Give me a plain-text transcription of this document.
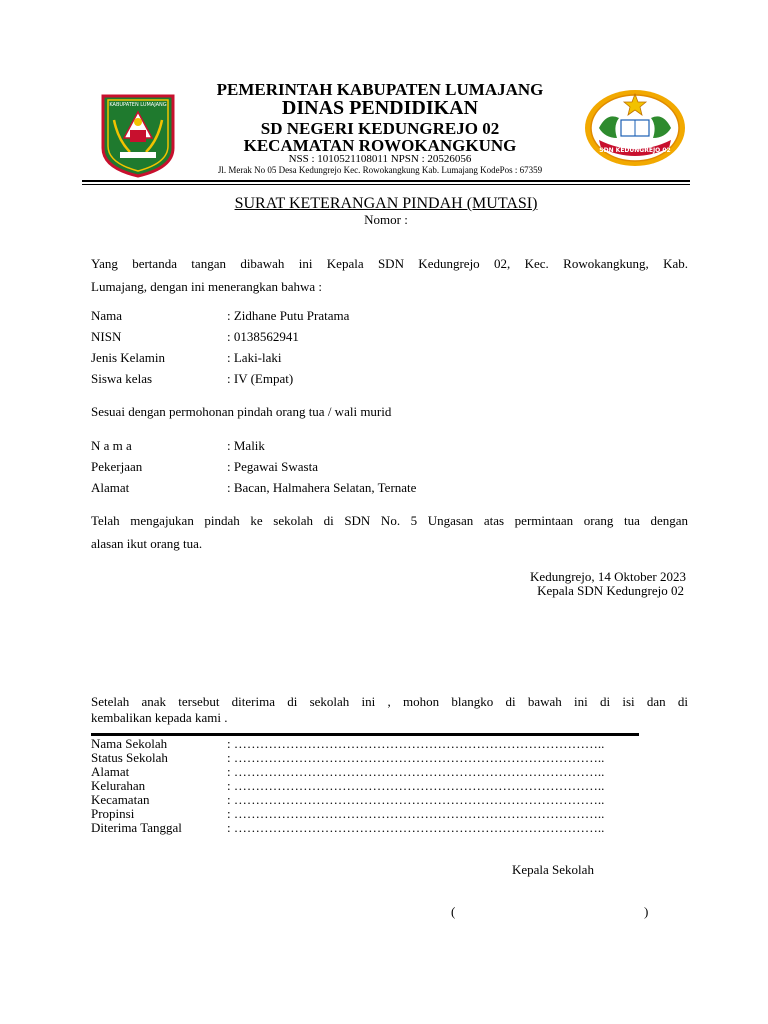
KABUPATEN LUMAJANG
SDN KEDUNGREJO 02
PEMERINTAH KABUPATEN LUMAJANG
DINAS PENDIDIKAN
SD NEGERI KEDUNGREJO 02
KECAMATAN ROWOKANGKUNG
NSS : 1010521108011 NPSN : 20526056
Jl. Merak No 05 Desa Kedungrejo Kec. Rowokangkung Kab. Lumajang KodePos : 67359
SURAT KETERANGAN PINDAH (MUTASI)
Nomor :
Yang bertanda tangan dibawah ini Kepala SDN Kedungrejo 02, Kec. Rowokangkung, Kab.
Lumajang, dengan ini menerangkan bahwa :
Nama	: Zidhane Putu Pratama
NISN	: 0138562941
Jenis Kelamin	: Laki-laki
Siswa kelas	: IV (Empat)
Sesuai dengan permohonan pindah orang tua / wali murid
N a m a	: Malik
Pekerjaan	: Pegawai Swasta
Alamat	: Bacan, Halmahera Selatan, Ternate
Telah mengajukan pindah ke sekolah di SDN No. 5 Ungasan atas permintaan orang tua dengan
alasan ikut orang tua.
Kedungrejo, 14 Oktober 2023
Kepala SDN Kedungrejo 02
Setelah anak tersebut diterima di sekolah ini , mohon blangko di bawah ini di isi dan di
kembalikan kepada kami .
Nama Sekolah	: …………………………………………………………………………..
Status Sekolah	: …………………………………………………………………………..
Alamat	: …………………………………………………………………………..
Kelurahan	: …………………………………………………………………………..
Kecamatan	: …………………………………………………………………………..
Propinsi	: …………………………………………………………………………..
Diterima Tanggal	: …………………………………………………………………………..
Kepala Sekolah
(	)
